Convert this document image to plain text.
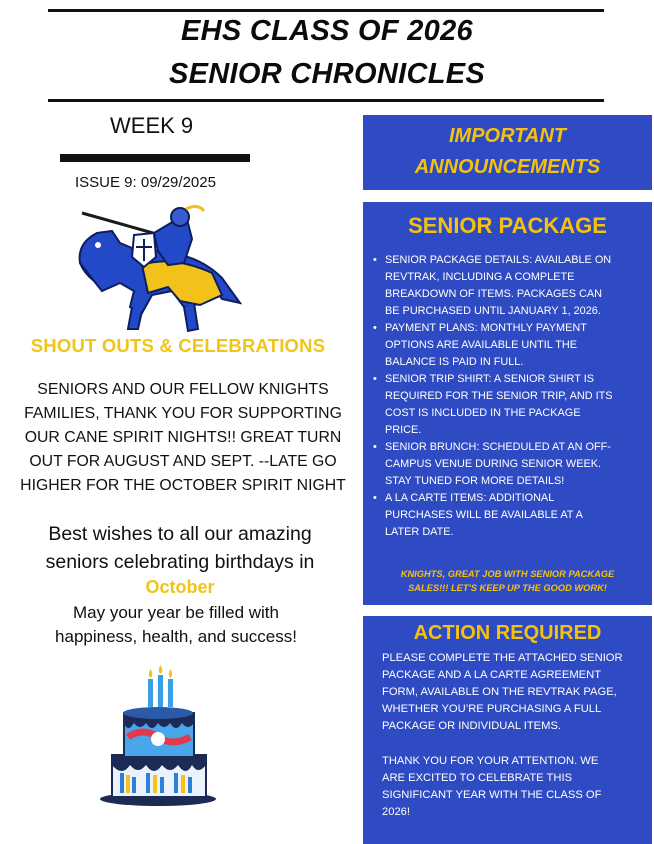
EHS CLASS OF 2026
SENIOR CHRONICLES
WEEK 9
ISSUE 9: 09/29/2025
SHOUT OUTS & CELEBRATIONS
SENIORS AND OUR FELLOW KNIGHTS
FAMILIES, THANK YOU FOR SUPPORTING
OUR CANE SPIRIT NIGHTS!! GREAT TURN
OUT FOR AUGUST AND SEPT. --LATE GO
HIGHER FOR THE OCTOBER SPIRIT NIGHT
Best wishes to all our amazing
seniors celebrating birthdays in
October
May your year be filled with
happiness, health, and success!
IMPORTANT
ANNOUNCEMENTS
SENIOR PACKAGE
• SENIOR PACKAGE DETAILS: AVAILABLE ON
REVTRAK, INCLUDING A COMPLETE
BREAKDOWN OF ITEMS. PACKAGES CAN
BE PURCHASED UNTIL JANUARY 1, 2026.
• PAYMENT PLANS: MONTHLY PAYMENT
OPTIONS ARE AVAILABLE UNTIL THE
BALANCE IS PAID IN FULL.
• SENIOR TRIP SHIRT: A SENIOR SHIRT IS
REQUIRED FOR THE SENIOR TRIP, AND ITS
COST IS INCLUDED IN THE PACKAGE
PRICE.
• SENIOR BRUNCH: SCHEDULED AT AN OFF-
CAMPUS VENUE DURING SENIOR WEEK.
STAY TUNED FOR MORE DETAILS!
• A LA CARTE ITEMS: ADDITIONAL
PURCHASES WILL BE AVAILABLE AT A
LATER DATE.
KNIGHTS, GREAT JOB WITH SENIOR PACKAGE
SALES!!! LET'S KEEP UP THE GOOD WORK!
ACTION REQUIRED
PLEASE COMPLETE THE ATTACHED SENIOR
PACKAGE AND A LA CARTE AGREEMENT
FORM, AVAILABLE ON THE REVTRAK PAGE,
WHETHER YOU’RE PURCHASING A FULL
PACKAGE OR INDIVIDUAL ITEMS.
THANK YOU FOR YOUR ATTENTION. WE
ARE EXCITED TO CELEBRATE THIS
SIGNIFICANT YEAR WITH THE CLASS OF
2026!
